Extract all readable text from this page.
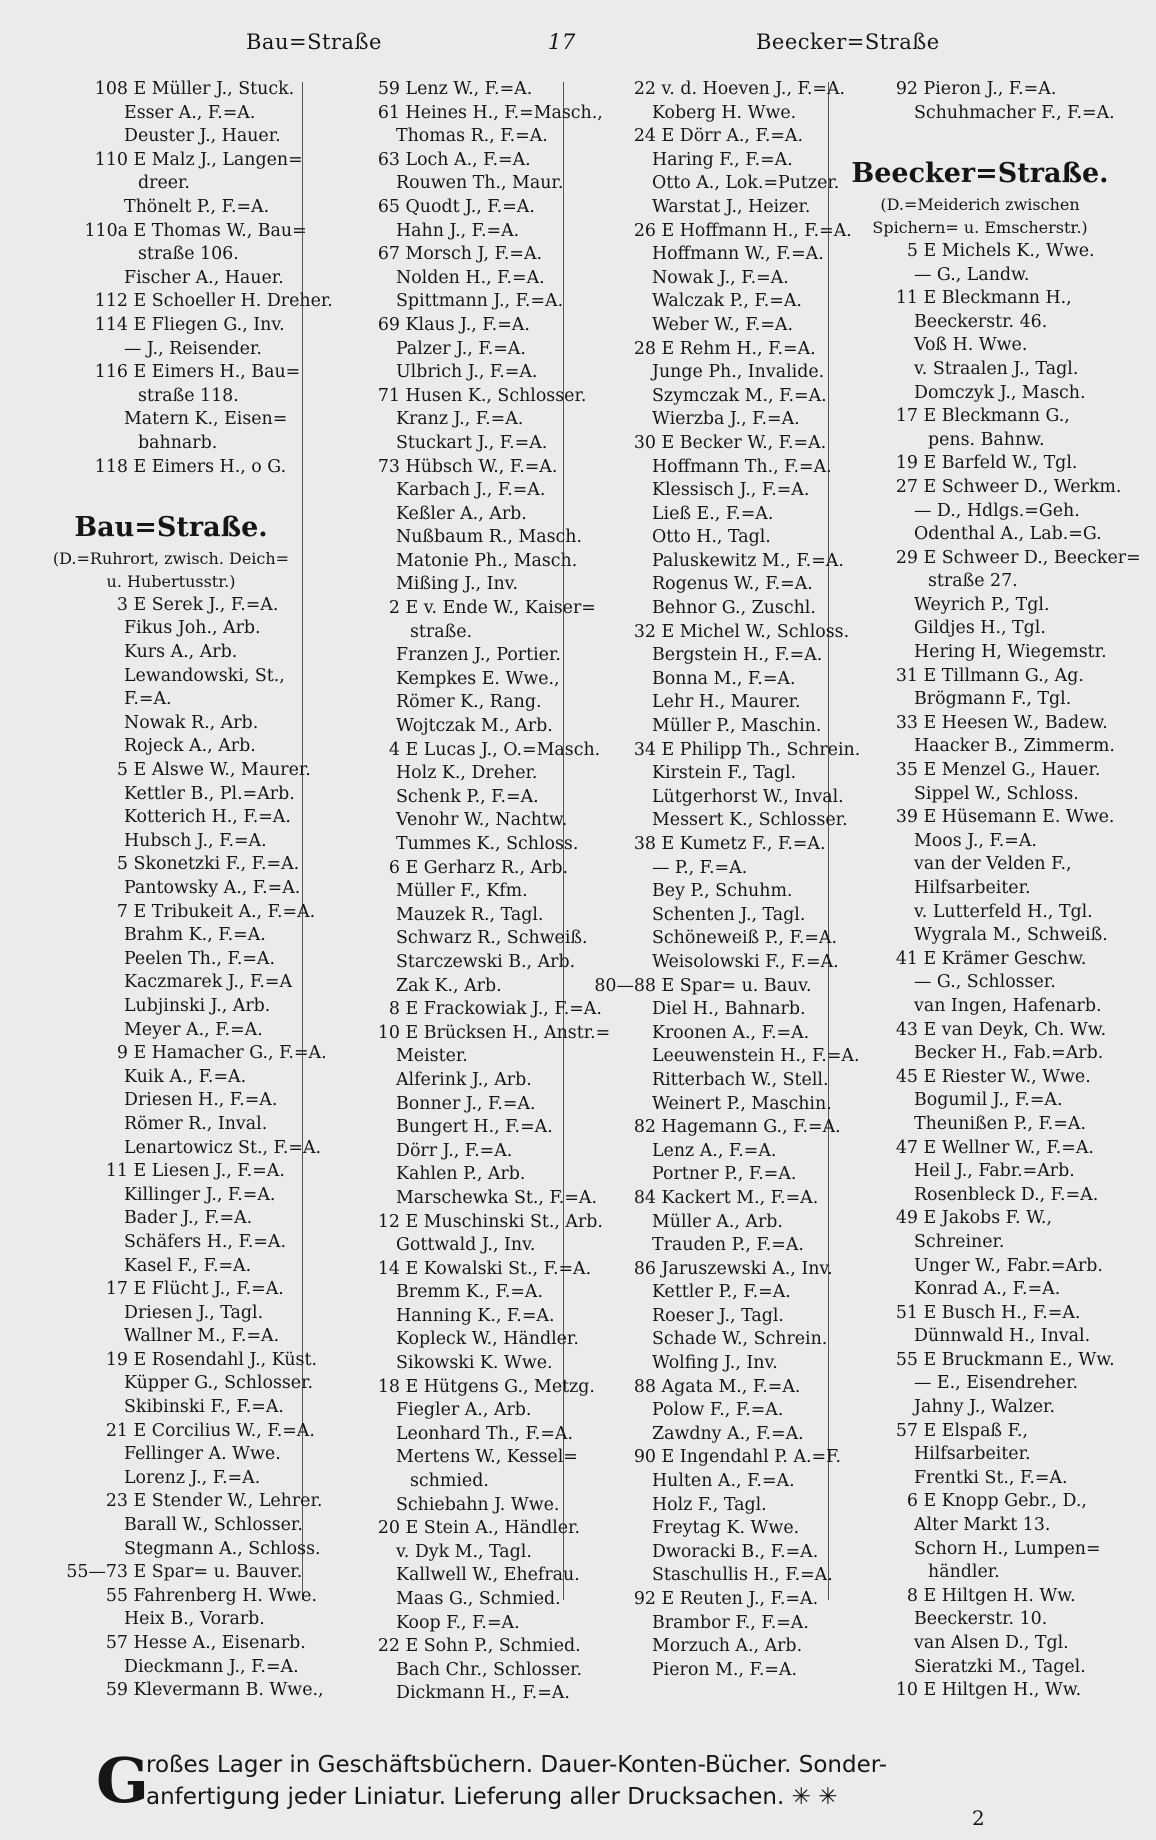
Bau=Straße	17	Beecker=Straße
108 E Müller J., Stuck.
Esser A., F.=A.
Deuster J., Hauer.
110 E Malz J., Langen=
dreer.
Thönelt P., F.=A.
110a E Thomas W., Bau=
straße 106.
Fischer A., Hauer.
112 E Schoeller H. Dreher.
114 E Fliegen G., Inv.
— J., Reisender.
116 E Eimers H., Bau=
straße 118.
Matern K., Eisen=
bahnarb.
118 E Eimers H., o G.
Bau=Straße.
(D.=Ruhrort, zwisch. Deich=
u. Hubertusstr.)
3 E Serek J., F.=A.
Fikus Joh., Arb.
Kurs A., Arb.
Lewandowski, St.,
F.=A.
Nowak R., Arb.
Rojeck A., Arb.
5 E Alswe W., Maurer.
Kettler B., Pl.=Arb.
Kotterich H., F.=A.
Hubsch J., F.=A.
5 Skonetzki F., F.=A.
Pantowsky A., F.=A.
7 E Tribukeit A., F.=A.
Brahm K., F.=A.
Peelen Th., F.=A.
Kaczmarek J., F.=A
Lubjinski J., Arb.
Meyer A., F.=A.
9 E Hamacher G., F.=A.
Kuik A., F.=A.
Driesen H., F.=A.
Römer R., Inval.
Lenartowicz St., F.=A.
11 E Liesen J., F.=A.
Killinger J., F.=A.
Bader J., F.=A.
Schäfers H., F.=A.
Kasel F., F.=A.
17 E Flücht J., F.=A.
Driesen J., Tagl.
Wallner M., F.=A.
19 E Rosendahl J., Küst.
Küpper G., Schlosser.
Skibinski F., F.=A.
21 E Corcilius W., F.=A.
Fellinger A. Wwe.
Lorenz J., F.=A.
23 E Stender W., Lehrer.
Barall W., Schlosser.
Stegmann A., Schloss.
55—73 E Spar= u. Bauver.
55 Fahrenberg H. Wwe.
Heix B., Vorarb.
57 Hesse A., Eisenarb.
Dieckmann J., F.=A.
59 Klevermann B. Wwe.,
59 Lenz W., F.=A.
61 Heines H., F.=Masch.,
Thomas R., F.=A.
63 Loch A., F.=A.
Rouwen Th., Maur.
65 Quodt J., F.=A.
Hahn J., F.=A.
67 Morsch J, F.=A.
Nolden H., F.=A.
Spittmann J., F.=A.
69 Klaus J., F.=A.
Palzer J., F.=A.
Ulbrich J., F.=A.
71 Husen K., Schlosser.
Kranz J., F.=A.
Stuckart J., F.=A.
73 Hübsch W., F.=A.
Karbach J., F.=A.
Keßler A., Arb.
Nußbaum R., Masch.
Matonie Ph., Masch.
Mißing J., Inv.
2 E v. Ende W., Kaiser=
straße.
Franzen J., Portier.
Kempkes E. Wwe.,
Römer K., Rang.
Wojtczak M., Arb.
4 E Lucas J., O.=Masch.
Holz K., Dreher.
Schenk P., F.=A.
Venohr W., Nachtw.
Tummes K., Schloss.
6 E Gerharz R., Arb.
Müller F., Kfm.
Mauzek R., Tagl.
Schwarz R., Schweiß.
Starczewski B., Arb.
Zak K., Arb.
8 E Frackowiak J., F.=A.
10 E Brücksen H., Anstr.=
Meister.
Alferink J., Arb.
Bonner J., F.=A.
Bungert H., F.=A.
Dörr J., F.=A.
Kahlen P., Arb.
Marschewka St., F.=A.
12 E Muschinski St., Arb.
Gottwald J., Inv.
14 E Kowalski St., F.=A.
Bremm K., F.=A.
Hanning K., F.=A.
Kopleck W., Händler.
Sikowski K. Wwe.
18 E Hütgens G., Metzg.
Fiegler A., Arb.
Leonhard Th., F.=A.
Mertens W., Kessel=
schmied.
Schiebahn J. Wwe.
20 E Stein A., Händler.
v. Dyk M., Tagl.
Kallwell W., Ehefrau.
Maas G., Schmied.
Koop F., F.=A.
22 E Sohn P., Schmied.
Bach Chr., Schlosser.
Dickmann H., F.=A.
22 v. d. Hoeven J., F.=A.
Koberg H. Wwe.
24 E Dörr A., F.=A.
Haring F., F.=A.
Otto A., Lok.=Putzer.
Warstat J., Heizer.
26 E Hoffmann H., F.=A.
Hoffmann W., F.=A.
Nowak J., F.=A.
Walczak P., F.=A.
Weber W., F.=A.
28 E Rehm H., F.=A.
Junge Ph., Invalide.
Szymczak M., F.=A.
Wierzba J., F.=A.
30 E Becker W., F.=A.
Hoffmann Th., F.=A.
Klessisch J., F.=A.
Ließ E., F.=A.
Otto H., Tagl.
Paluskewitz M., F.=A.
Rogenus W., F.=A.
Behnor G., Zuschl.
32 E Michel W., Schloss.
Bergstein H., F.=A.
Bonna M., F.=A.
Lehr H., Maurer.
Müller P., Maschin.
34 E Philipp Th., Schrein.
Kirstein F., Tagl.
Lütgerhorst W., Inval.
Messert K., Schlosser.
38 E Kumetz F., F.=A.
— P., F.=A.
Bey P., Schuhm.
Schenten J., Tagl.
Schöneweiß P., F.=A.
Weisolowski F., F.=A.
80—88 E Spar= u. Bauv.
Diel H., Bahnarb.
Kroonen A., F.=A.
Leeuwenstein H., F.=A.
Ritterbach W., Stell.
Weinert P., Maschin.
82 Hagemann G., F.=A.
Lenz A., F.=A.
Portner P., F.=A.
84 Kackert M., F.=A.
Müller A., Arb.
Trauden P., F.=A.
86 Jaruszewski A., Inv.
Kettler P., F.=A.
Roeser J., Tagl.
Schade W., Schrein.
Wolfing J., Inv.
88 Agata M., F.=A.
Polow F., F.=A.
Zawdny A., F.=A.
90 E Ingendahl P. A.=F.
Hulten A., F.=A.
Holz F., Tagl.
Freytag K. Wwe.
Dworacki B., F.=A.
Staschullis H., F.=A.
92 E Reuten J., F.=A.
Brambor F., F.=A.
Morzuch A., Arb.
Pieron M., F.=A.
92 Pieron J., F.=A.
Schuhmacher F., F.=A.
Beecker=Straße.
(D.=Meiderich zwischen
Spichern= u. Emscherstr.)
5 E Michels K., Wwe.
— G., Landw.
11 E Bleckmann H.,
Beeckerstr. 46.
Voß H. Wwe.
v. Straalen J., Tagl.
Domczyk J., Masch.
17 E Bleckmann G.,
pens. Bahnw.
19 E Barfeld W., Tgl.
27 E Schweer D., Werkm.
— D., Hdlgs.=Geh.
Odenthal A., Lab.=G.
29 E Schweer D., Beecker=
straße 27.
Weyrich P., Tgl.
Gildjes H., Tgl.
Hering H, Wiegemstr.
31 E Tillmann G., Ag.
Brögmann F., Tgl.
33 E Heesen W., Badew.
Haacker B., Zimmerm.
35 E Menzel G., Hauer.
Sippel W., Schloss.
39 E Hüsemann E. Wwe.
Moos J., F.=A.
van der Velden F.,
Hilfsarbeiter.
v. Lutterfeld H., Tgl.
Wygrala M., Schweiß.
41 E Krämer Geschw.
— G., Schlosser.
van Ingen, Hafenarb.
43 E van Deyk, Ch. Ww.
Becker H., Fab.=Arb.
45 E Riester W., Wwe.
Bogumil J., F.=A.
Theunißen P., F.=A.
47 E Wellner W., F.=A.
Heil J., Fabr.=Arb.
Rosenbleck D., F.=A.
49 E Jakobs F. W.,
Schreiner.
Unger W., Fabr.=Arb.
Konrad A., F.=A.
51 E Busch H., F.=A.
Dünnwald H., Inval.
55 E Bruckmann E., Ww.
— E., Eisendreher.
Jahny J., Walzer.
57 E Elspaß F.,
Hilfsarbeiter.
Frentki St., F.=A.
6 E Knopp Gebr., D.,
Alter Markt 13.
Schorn H., Lumpen=
händler.
8 E Hiltgen H. Ww.
Beeckerstr. 10.
van Alsen D., Tgl.
Sieratzki M., Tagel.
10 E Hiltgen H., Ww.
G
roßes Lager in Geschäftsbüchern. Dauer-Konten-Bücher. Sonder-
anfertigung jeder Liniatur. Lieferung aller Drucksachen. ✳ ✳
2
